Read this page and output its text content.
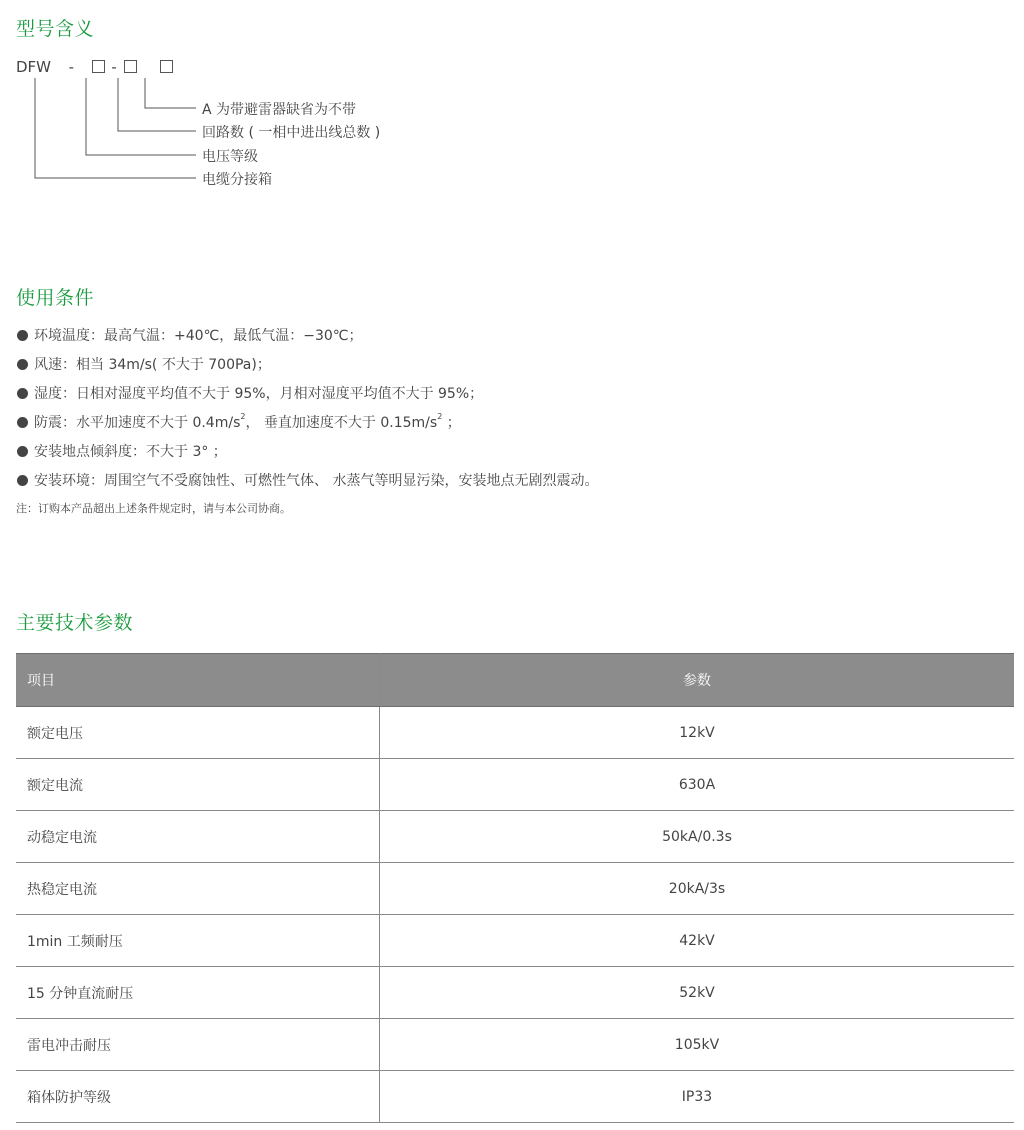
型号含义
DFW - -
A 为带避雷器缺省为不带
回路数 ( 一相中进出线总数 )
电压等级
电缆分接箱
使用条件
环境温度：最高气温：+40℃，最低气温：−30℃；
风速：相当 34m/s( 不大于 700Pa)；
湿度：日相对湿度平均值不大于 95%，月相对湿度平均值不大于 95%；
防震：水平加速度不大于 $0.4m/s^2$， 垂直加速度不大于 $0.15m/s^2$ ；
安装地点倾斜度：不大于 3° ；
安装环境：周围空气不受腐蚀性、可燃性气体、 水蒸气等明显污染，安装地点无剧烈震动。
注：订购本产品超出上述条件规定时，请与本公司协商。
主要技术参数
项目	参数
额定电压	12kV
额定电流	630A
动稳定电流	50kA/0.3s
热稳定电流	20kA/3s
1min 工频耐压	42kV
15 分钟直流耐压	52kV
雷电冲击耐压	105kV
箱体防护等级	IP33
